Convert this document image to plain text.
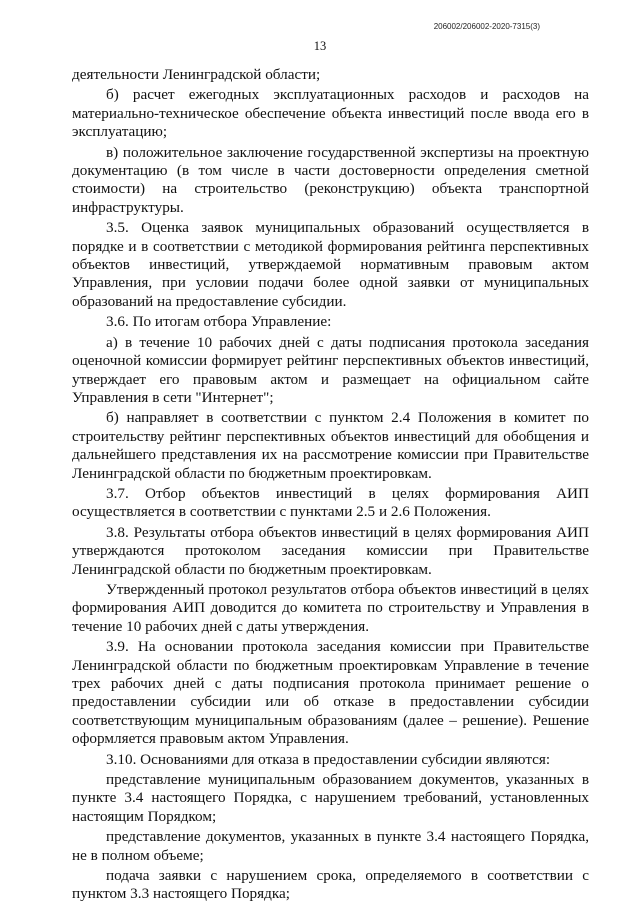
206002/206002-2020-7315(3)
13

деятельности Ленинградской области;

б) расчет ежегодных эксплуатационных расходов и расходов на материально-техническое обеспечение объекта инвестиций после ввода его в эксплуатацию;

в) положительное заключение государственной экспертизы на проектную документацию (в том числе в части достоверности определения сметной стоимости) на строительство (реконструкцию) объекта транспортной инфраструктуры.

3.5. Оценка заявок муниципальных образований осуществляется в порядке и в соответствии с методикой формирования рейтинга перспективных объектов инвестиций, утверждаемой нормативным правовым актом Управления, при условии подачи более одной заявки от муниципальных образований на предоставление субсидии.

3.6. По итогам отбора Управление:

а) в течение 10 рабочих дней с даты подписания протокола заседания оценочной комиссии формирует рейтинг перспективных объектов инвестиций, утверждает его правовым актом и размещает на официальном сайте Управления в сети "Интернет";

б) направляет в соответствии с пунктом 2.4 Положения в комитет по строительству рейтинг перспективных объектов инвестиций для обобщения и дальнейшего представления их на рассмотрение комиссии при Правительстве Ленинградской области по бюджетным проектировкам.

3.7. Отбор объектов инвестиций в целях формирования АИП осуществляется в соответствии с пунктами 2.5 и 2.6 Положения.

3.8. Результаты отбора объектов инвестиций в целях формирования АИП утверждаются протоколом заседания комиссии при Правительстве Ленинградской области по бюджетным проектировкам.

Утвержденный протокол результатов отбора объектов инвестиций в целях формирования АИП доводится до комитета по строительству и Управления в течение 10 рабочих дней с даты утверждения.

3.9. На основании протокола заседания комиссии при Правительстве Ленинградской области по бюджетным проектировкам Управление в течение трех рабочих дней с даты подписания протокола принимает решение о предоставлении субсидии или об отказе в предоставлении субсидии соответствующим муниципальным образованиям (далее – решение). Решение оформляется правовым актом Управления.

3.10. Основаниями для отказа в предоставлении субсидии являются:

представление муниципальным образованием документов, указанных в пункте 3.4 настоящего Порядка, с нарушением требований, установленных настоящим Порядком;

представление документов, указанных в пункте 3.4 настоящего Порядка, не в полном объеме;

подача заявки с нарушением срока, определяемого в соответствии с пунктом 3.3 настоящего Порядка;
